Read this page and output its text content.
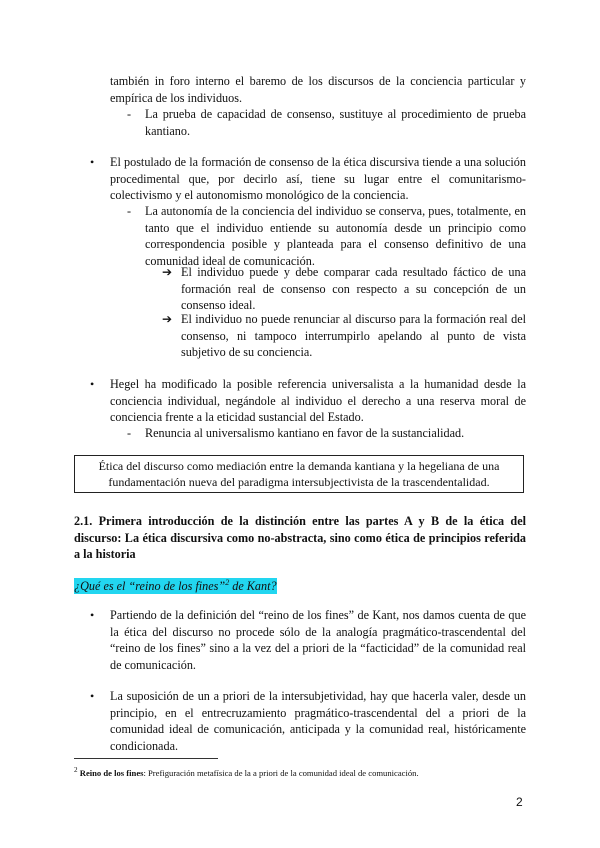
también in foro interno el baremo de los discursos de la conciencia particular y empírica de los individuos.
- La prueba de capacidad de consenso, sustituye al procedimiento de prueba kantiano.
• El postulado de la formación de consenso de la ética discursiva tiende a una solución procedimental que, por decirlo así, tiene su lugar entre el comunitarismo-colectivismo y el autonomismo monológico de la conciencia.
- La autonomía de la conciencia del individuo se conserva, pues, totalmente, en tanto que el individuo entiende su autonomía desde un principio como correspondencia posible y planteada para el consenso definitivo de una comunidad ideal de comunicación.
➔ El individuo puede y debe comparar cada resultado fáctico de una formación real de consenso con respecto a su concepción de un consenso ideal.
➔ El individuo no puede renunciar al discurso para la formación real del consenso, ni tampoco interrumpirlo apelando al punto de vista subjetivo de su conciencia.
• Hegel ha modificado la posible referencia universalista a la humanidad desde la conciencia individual, negándole al individuo el derecho a una reserva moral de conciencia frente a la eticidad sustancial del Estado.
- Renuncia al universalismo kantiano en favor de la sustancialidad.
Ética del discurso como mediación entre la demanda kantiana y la hegeliana de una fundamentación nueva del paradigma intersubjectivista de la trascendentalidad.
2.1. Primera introducción de la distinción entre las partes A y B de la ética del discurso: La ética discursiva como no-abstracta, sino como ética de principios referida a la historia
¿Qué es el “reino de los fines”$^2$ de Kant?
• Partiendo de la definición del “reino de los fines” de Kant, nos damos cuenta de que la ética del discurso no procede sólo de la analogía pragmático-trascendental del “reino de los fines” sino a la vez del a priori de la “facticidad” de la comunidad real de comunicación.
• La suposición de un a priori de la intersubjetividad, hay que hacerla valer, desde un principio, en el entrecruzamiento pragmático-trascendental del a priori de la comunidad ideal de comunicación, anticipada y la comunidad real, históricamente condicionada.
$^2$ Reino de los fines: Prefiguración metafísica de la a priori de la comunidad ideal de comunicación.
2
